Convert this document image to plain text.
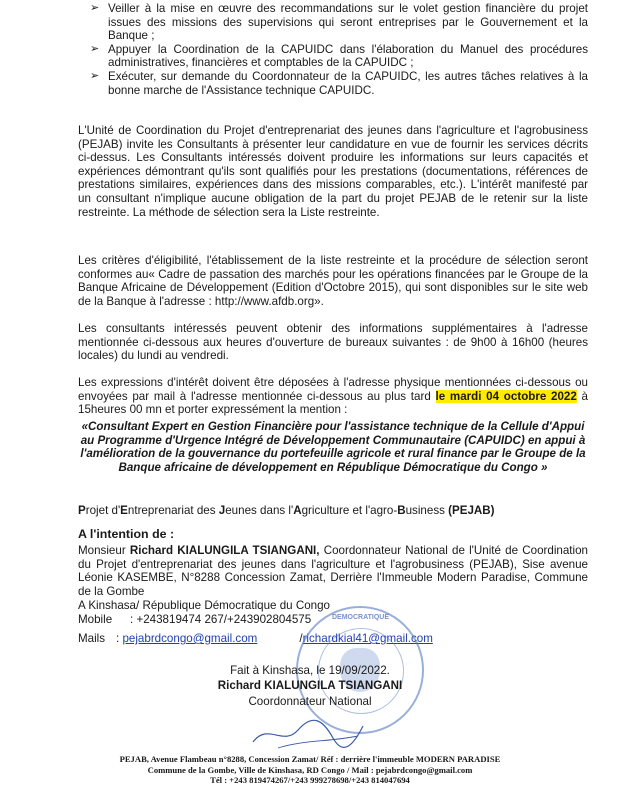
➢ Veiller à la mise en œuvre des recommandations sur le volet gestion financière du projet issues des missions des supervisions qui seront entreprises par le Gouvernement et la Banque ;
➢ Appuyer la Coordination de la CAPUIDC dans l'élaboration du Manuel des procédures administratives, financières et comptables de la CAPUIDC ;
➢ Exécuter, sur demande du Coordonnateur de la CAPUIDC, les autres tâches relatives à la bonne marche de l'Assistance technique CAPUIDC.
L'Unité de Coordination du Projet d'entreprenariat des jeunes dans l'agriculture et l'agrobusiness (PEJAB) invite les Consultants à présenter leur candidature en vue de fournir les services décrits ci-dessus. Les Consultants intéressés doivent produire les informations sur leurs capacités et expériences démontrant qu'ils sont qualifiés pour les prestations (documentations, références de prestations similaires, expériences dans des missions comparables, etc.). L'intérêt manifesté par un consultant n'implique aucune obligation de la part du projet PEJAB de le retenir sur la liste restreinte. La méthode de sélection sera la Liste restreinte.
Les critères d'éligibilité, l'établissement de la liste restreinte et la procédure de sélection seront conformes au« Cadre de passation des marchés pour les opérations financées par le Groupe de la Banque Africaine de Développement (Edition d'Octobre 2015), qui sont disponibles sur le site web de la Banque à l'adresse : http://www.afdb.org».
Les consultants intéressés peuvent obtenir des informations supplémentaires à l'adresse mentionnée ci-dessous aux heures d'ouverture de bureaux suivantes : de 9h00 à 16h00 (heures locales) du lundi au vendredi.
Les expressions d'intérêt doivent être déposées à l'adresse physique mentionnées ci-dessous ou envoyées par mail à l'adresse mentionnée ci-dessous au plus tard le mardi 04 octobre 2022 à 15heures 00 mn et porter expressément la mention :
«Consultant Expert en Gestion Financière pour l'assistance technique de la Cellule d'Appui au Programme d'Urgence Intégré de Développement Communautaire (CAPUIDC) en appui à l'amélioration de la gouvernance du portefeuille agricole et rural finance par le Groupe de la Banque africaine de développement en République Démocratique du Congo »
Projet d'Entreprenariat des Jeunes dans l'Agriculture et l'agro-Business (PEJAB)
A l'intention de :
Monsieur Richard KIALUNGILA TSIANGANI, Coordonnateur National de l'Unité de Coordination du Projet d'entreprenariat des jeunes dans l'agriculture et l'agrobusiness (PEJAB), Sise avenue Léonie KASEMBE, N°8288 Concession Zamat, Derrière l'Immeuble Modern Paradise, Commune de la Gombe
A Kinshasa/ République Démocratique du Congo
Mobile : +243819474 267/+243902804575
Mails : pejabrdcongo@gmail.com	/richardkial41@gmail.com
DEMOCRATIQUE
Fait à Kinshasa, le 19/09/2022.
Richard KIALUNGILA TSIANGANI
Coordonnateur National
PEJAB, Avenue Flambeau n°8288, Concession Zamat/ Réf : derrière l'immeuble MODERN PARADISE
Commune de la Gombe, Ville de Kinshasa, RD Congo / Mail : pejabrdcongo@gmail.com
Tél : +243 819474267/+243 999278698/+243 814047694
